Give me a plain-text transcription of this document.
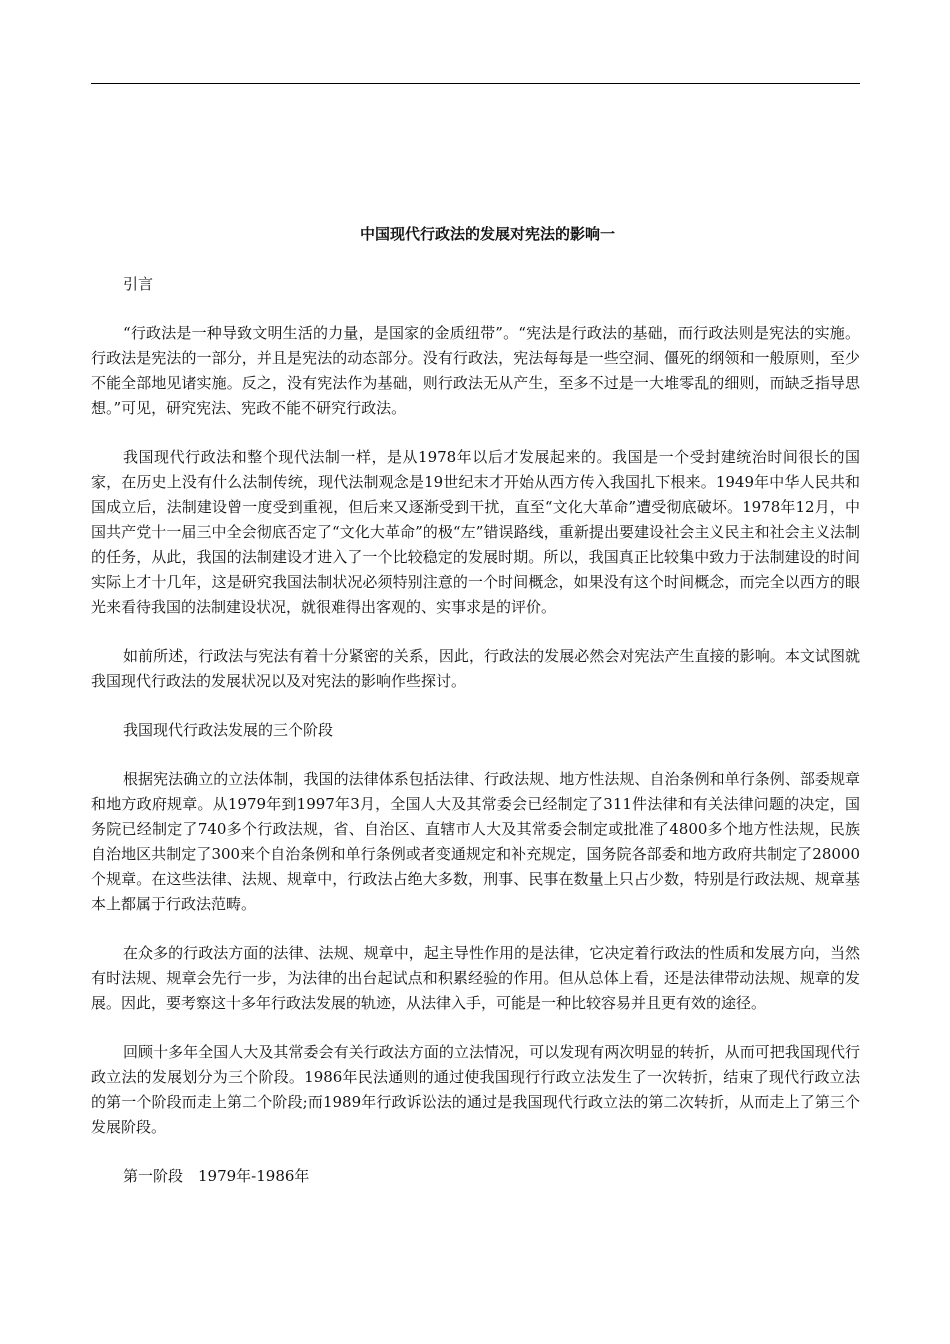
中国现代行政法的发展对宪法的影响一
引言
“行政法是一种导致文明生活的力量，是国家的金质纽带”。“宪法是行政法的基础，而行政法则是宪法的实施。行政法是宪法的一部分，并且是宪法的动态部分。没有行政法，宪法每每是一些空洞、僵死的纲领和一般原则，至少不能全部地见诸实施。反之，没有宪法作为基础，则行政法无从产生，至多不过是一大堆零乱的细则，而缺乏指导思想。”可见，研究宪法、宪政不能不研究行政法。
我国现代行政法和整个现代法制一样，是从1978年以后才发展起来的。我国是一个受封建统治时间很长的国家，在历史上没有什么法制传统，现代法制观念是19世纪末才开始从西方传入我国扎下根来。1949年中华人民共和国成立后，法制建设曾一度受到重视，但后来又逐渐受到干扰，直至“文化大革命”遭受彻底破坏。1978年12月，中国共产党十一届三中全会彻底否定了“文化大革命”的极“左”错误路线，重新提出要建设社会主义民主和社会主义法制的任务，从此，我国的法制建设才进入了一个比较稳定的发展时期。所以，我国真正比较集中致力于法制建设的时间实际上才十几年，这是研究我国法制状况必须特别注意的一个时间概念，如果没有这个时间概念，而完全以西方的眼光来看待我国的法制建设状况，就很难得出客观的、实事求是的评价。
如前所述，行政法与宪法有着十分紧密的关系，因此，行政法的发展必然会对宪法产生直接的影响。本文试图就我国现代行政法的发展状况以及对宪法的影响作些探讨。
我国现代行政法发展的三个阶段
根据宪法确立的立法体制，我国的法律体系包括法律、行政法规、地方性法规、自治条例和单行条例、部委规章和地方政府规章。从1979年到1997年3月，全国人大及其常委会已经制定了311件法律和有关法律问题的决定，国务院已经制定了740多个行政法规，省、自治区、直辖市人大及其常委会制定或批准了4800多个地方性法规，民族自治地区共制定了300来个自治条例和单行条例或者变通规定和补充规定，国务院各部委和地方政府共制定了28000个规章。在这些法律、法规、规章中，行政法占绝大多数，刑事、民事在数量上只占少数，特别是行政法规、规章基本上都属于行政法范畴。
在众多的行政法方面的法律、法规、规章中，起主导性作用的是法律，它决定着行政法的性质和发展方向，当然有时法规、规章会先行一步，为法律的出台起试点和积累经验的作用。但从总体上看，还是法律带动法规、规章的发展。因此，要考察这十多年行政法发展的轨迹，从法律入手，可能是一种比较容易并且更有效的途径。
回顾十多年全国人大及其常委会有关行政法方面的立法情况，可以发现有两次明显的转折，从而可把我国现代行政立法的发展划分为三个阶段。1986年民法通则的通过使我国现行行政立法发生了一次转折，结束了现代行政立法的第一个阶段而走上第二个阶段;而1989年行政诉讼法的通过是我国现代行政立法的第二次转折，从而走上了第三个发展阶段。
第一阶段　1979年-1986年
